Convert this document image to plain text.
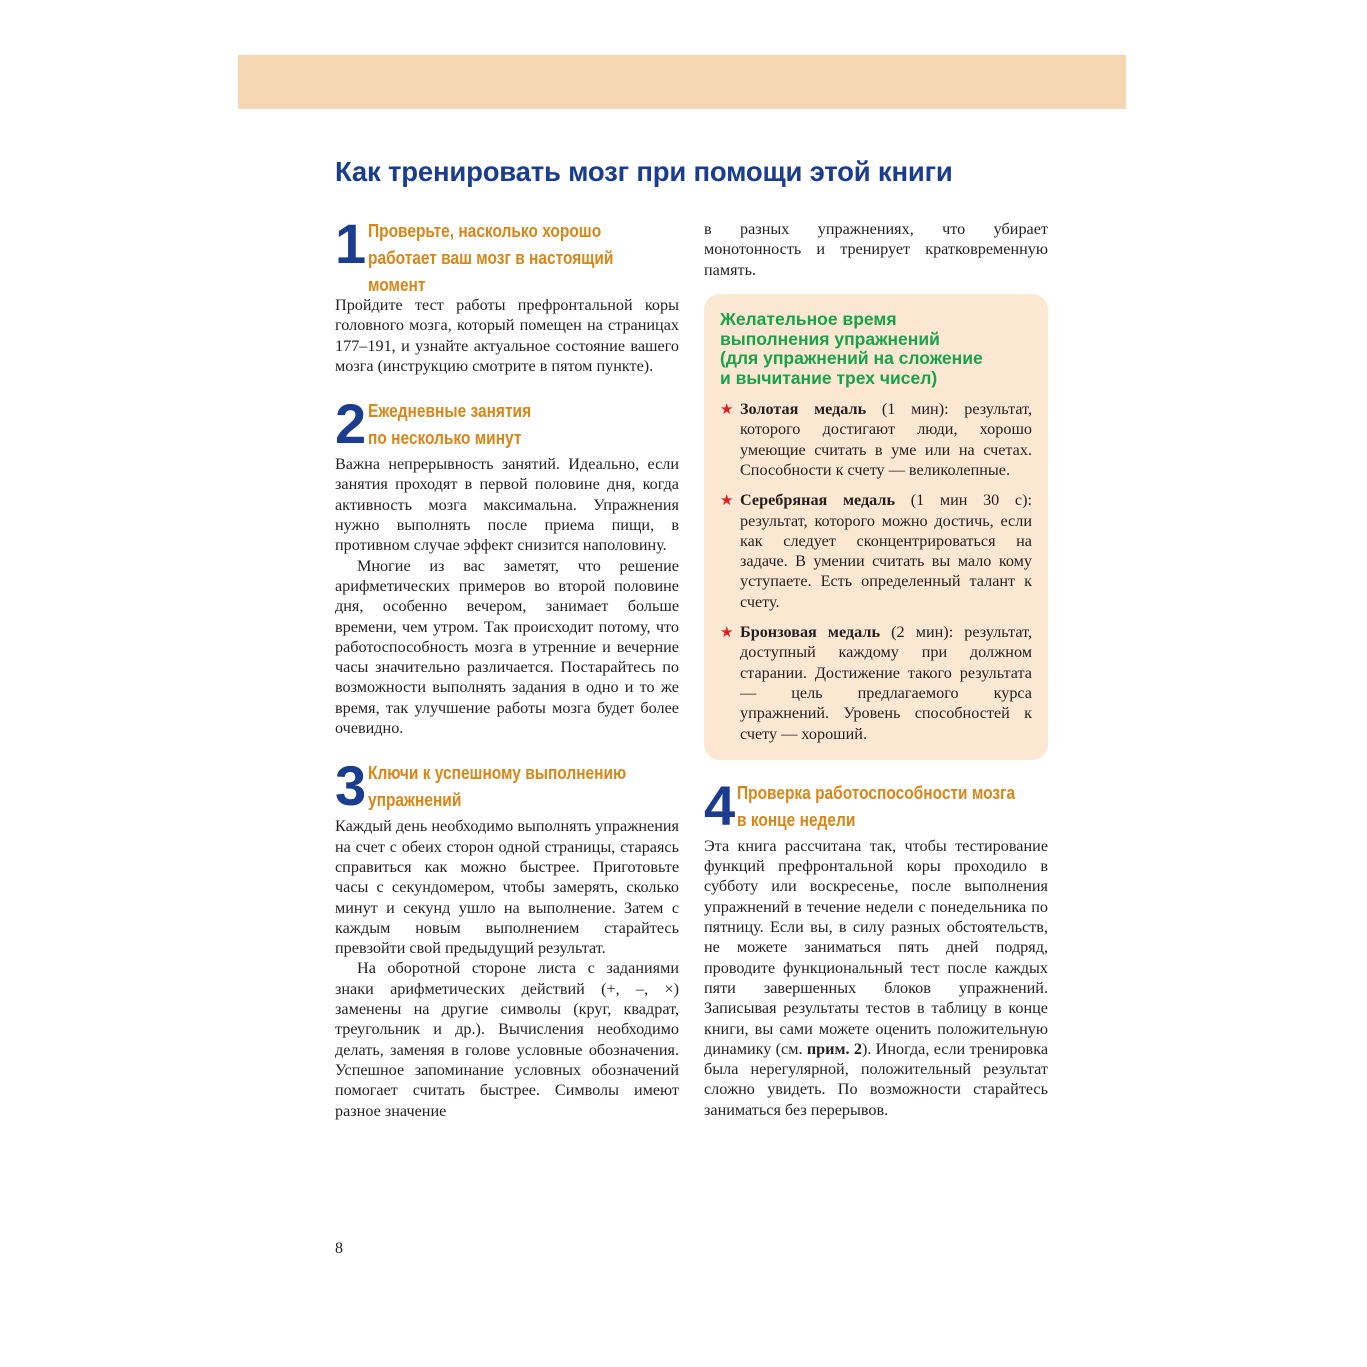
Как тренировать мозг при помощи этой книги
1 Проверьте, насколько хорошо
работает ваш мозг в настоящий
момент

Пройдите тест работы префронтальной коры головного мозга, который помещен на страницах 177–191, и узнайте актуальное состояние вашего мозга (инструкцию смотрите в пятом пункте).

2 Ежедневные занятия
по несколько минут

Важна непрерывность занятий. Идеально, если занятия проходят в первой половине дня, когда активность мозга максимальна. Упражнения нужно выполнять после приема пищи, в противном случае эффект снизится наполовину.

Многие из вас заметят, что решение арифметических примеров во второй половине дня, особенно вечером, занимает больше времени, чем утром. Так происходит потому, что работоспособность мозга в утренние и вечерние часы значительно различается. Постарайтесь по возможности выполнять задания в одно и то же время, так улучшение работы мозга будет более очевидно.

3 Ключи к успешному выполнению
упражнений

Каждый день необходимо выполнять упражнения на счет с обеих сторон одной страницы, стараясь справиться как можно быстрее. Приготовьте часы с секундомером, чтобы замерять, сколько минут и секунд ушло на выполнение. Затем с каждым новым выполнением старайтесь превзойти свой предыдущий результат.

На оборотной стороне листа с заданиями знаки арифметических действий (+, –, ×) заменены на другие символы (круг, квадрат, треугольник и др.). Вычисления необходимо делать, заменяя в голове условные обозначения. Успешное запоминание условных обозначений помогает считать быстрее. Символы имеют разное значение

в разных упражнениях, что убирает монотонность и тренирует кратковременную память.

Желательное время
выполнения упражнений
(для упражнений на сложение
и вычитание трех чисел)
★ Золотая медаль (1 мин): результат, которого достигают люди, хорошо умеющие считать в уме или на счетах. Способности к счету — великолепные.

★ Серебряная медаль (1 мин 30 с): результат, которого можно достичь, если как следует сконцентрироваться на задаче. В умении считать вы мало кому уступаете. Есть определенный талант к счету.

★ Бронзовая медаль (2 мин): результат, доступный каждому при должном старании. Достижение такого результата — цель предлагаемого курса упражнений. Уровень способностей к счету — хороший.

4 Проверка работоспособности мозга
в конце недели

Эта книга рассчитана так, чтобы тестирование функций префронтальной коры проходило в субботу или воскресенье, после выполнения упражнений в течение недели с понедельника по пятницу. Если вы, в силу разных обстоятельств, не можете заниматься пять дней подряд, проводите функциональный тест после каждых пяти завершенных блоков упражнений. Записывая результаты тестов в таблицу в конце книги, вы сами можете оценить положительную динамику (см. прим. 2). Иногда, если тренировка была нерегулярной, положительный результат сложно увидеть. По возможности старайтесь заниматься без перерывов.

8
